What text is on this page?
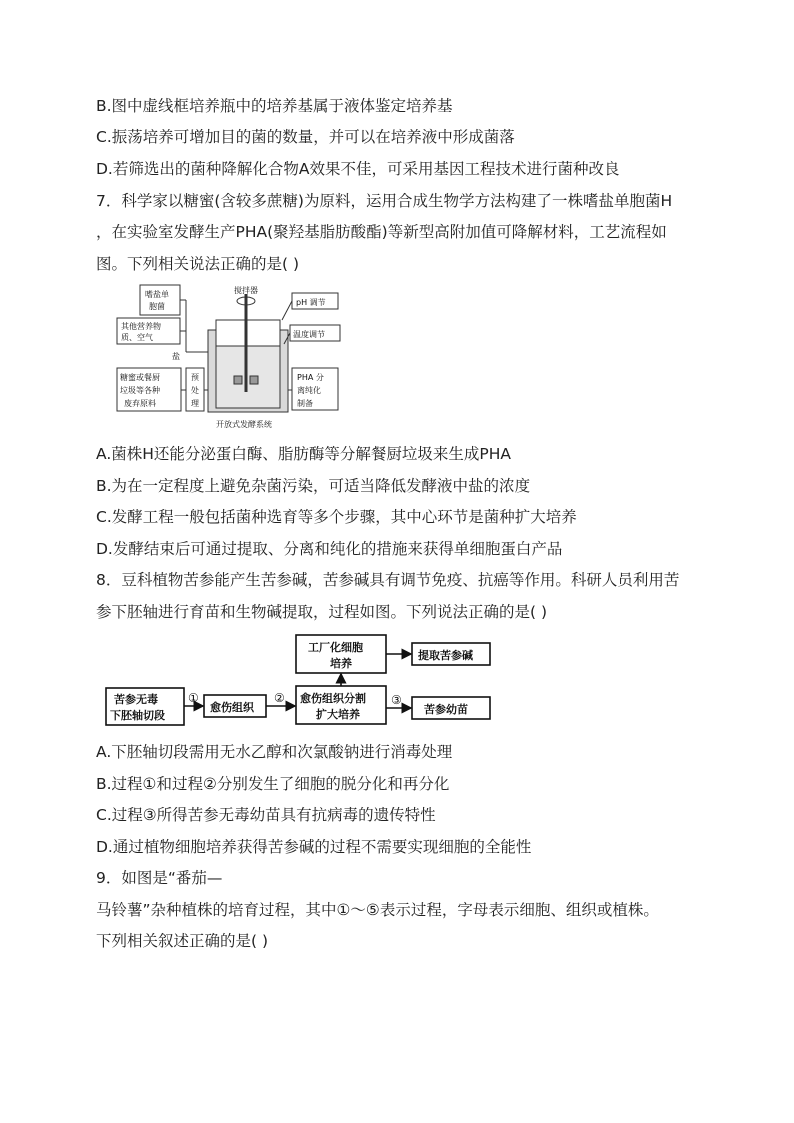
B.图中虚线框培养瓶中的培养基属于液体鉴定培养基
C.振荡培养可增加目的菌的数量，并可以在培养液中形成菌落
D.若筛选出的菌种降解化合物A效果不佳，可采用基因工程技术进行菌种改良
7．科学家以糖蜜(含较多蔗糖)为原料，运用合成生物学方法构建了一株嗜盐单胞菌H
，在实验室发酵生产PHA(聚羟基脂肪酸酯)等新型高附加值可降解材料，工艺流程如
图。下列相关说法正确的是( )
搅拌器
嗜盐单
胞菌
其他营养物
质、空气
盐
糖蜜或餐厨
垃圾等各种
废弃原料
预
处
理
pH 调节
温度调节
PHA 分
离纯化
制备
开放式发酵系统
A.菌株H还能分泌蛋白酶、脂肪酶等分解餐厨垃圾来生成PHA
B.为在一定程度上避免杂菌污染，可适当降低发酵液中盐的浓度
C.发酵工程一般包括菌种选育等多个步骤，其中心环节是菌种扩大培养
D.发酵结束后可通过提取、分离和纯化的措施来获得单细胞蛋白产品
8．豆科植物苦参能产生苦参碱，苦参碱具有调节免疫、抗癌等作用。科研人员利用苦
参下胚轴进行育苗和生物碱提取，过程如图。下列说法正确的是( )
苦参无毒
下胚轴切段
愈伤组织
愈伤组织分割
扩大培养
工厂化细胞
培养
提取苦参碱
苦参幼苗
①	②	③
A.下胚轴切段需用无水乙醇和次氯酸钠进行消毒处理
B.过程①和过程②分别发生了细胞的脱分化和再分化
C.过程③所得苦参无毒幼苗具有抗病毒的遗传特性
D.通过植物细胞培养获得苦参碱的过程不需要实现细胞的全能性
9．如图是“番茄—
马铃薯”杂种植株的培育过程，其中①～⑤表示过程，字母表示细胞、组织或植株。
下列相关叙述正确的是( )
